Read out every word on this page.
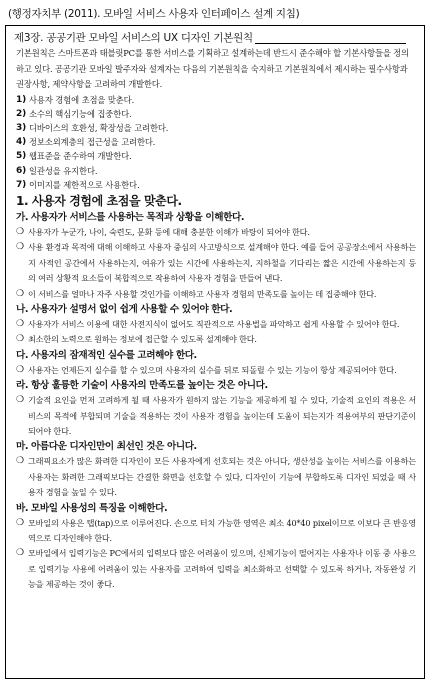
(행정자치부 (2011). 모바일 서비스 사용자 인터페이스 설계 지침)
제3장. 공공기관 모바일 서비스의 UX 디자인 기본원칙

기본원칙은 스마트폰과 태블릿PC를 통한 서비스를 기획하고 설계하는데 반드시 준수해야 할 기본사항들을 정의하고 있다. 공공기관 모바일 발주자와 설계자는 다음의 기본원칙을 숙지하고 기본원칙에서 제시하는 필수사항과 권장사항, 제약사항을 고려하여 개발한다.

1) 사용자 경험에 초점을 맞춘다.
2) 소수의 핵심기능에 집중한다.
3) 디바이스의 호환성, 확장성을 고려한다.
4) 정보소외계층의 접근성을 고려한다.
5) 웹표준을 준수하여 개발한다.
6) 일관성을 유지한다.
7) 이미지를 제한적으로 사용한다.
1. 사용자 경험에 초점을 맞춘다.
가. 사용자가 서비스를 사용하는 목적과 상황을 이해한다.
❍ 사용자가 누군가, 나이, 숙련도, 문화 등에 대해 충분한 이해가 바탕이 되어야 한다.
❍ 사용 환경과 목적에 대해 이해하고 사용자 중심의 사고방식으로 설계해야 한다. 예를 들어 공공장소에서 사용하는지 사적인 공간에서 사용하는지, 여유가 있는 시간에 사용하는지, 지하철을 기다리는 짧은 시간에 사용하는지 등의 여러 상황적 요소들이 복합적으로 작용하여 사용자 경험을 만들어 낸다.
❍ 이 서비스를 얼마나 자주 사용할 것인가를 이해하고 사용자 경험의 만족도를 높이는 데 집중해야 한다.
나. 사용자가 설명서 없이 쉽게 사용할 수 있어야 한다.
❍ 사용자가 서비스 이용에 대한 사전지식이 없어도 직관적으로 사용법을 파악하고 쉽게 사용할 수 있어야 한다.
❍ 최소한의 노력으로 원하는 정보에 접근할 수 있도록 설계해야 한다.
다. 사용자의 잠재적인 실수를 고려해야 한다.
❍ 사용자는 언제든지 실수를 할 수 있으며 사용자의 실수를 뒤로 되돌릴 수 있는 기능이 항상 제공되어야 한다.
라. 항상 훌륭한 기술이 사용자의 만족도를 높이는 것은 아니다.
❍ 기술적 요인을 먼저 고려하게 될 때 사용자가 원하지 않는 기능을 제공하게 될 수 있다, 기술적 요인의 적용은 서비스의 목적에 부합되며 기술을 적용하는 것이 사용자 경험을 높이는데 도움이 되는지가 적용여부의 판단기준이 되어야 한다.
마. 아름다운 디자인만이 최선인 것은 아니다.
❍ 그래픽요소가 많은 화려한 디자인이 모든 사용자에게 선호되는 것은 아니다, 생산성을 높이는 서비스를 이용하는 사용자는 화려한 그래픽보다는 간결한 화면을 선호할 수 있다, 디자인이 기능에 부합하도록 디자인 되었을 때 사용자 경험을 높일 수 있다.
바. 모바일 사용성의 특징을 이해한다.
❍ 모바일의 사용은 탭(tap)으로 이루어진다. 손으로 터치 가능한 영역은 최소 40*40 pixel이므로 이보다 큰 반응영역으로 디자인해야 한다.
❍ 모바일에서 입력기능은 PC에서의 입력보다 많은 어려움이 있으며, 신체기능이 떨어지는 사용자나 이동 중 사용으로 입력기능 사용에 어려움이 있는 사용자를 고려하여 입력을 최소화하고 선택할 수 있도록 하거나, 자동완성 기능을 제공하는 것이 좋다.
